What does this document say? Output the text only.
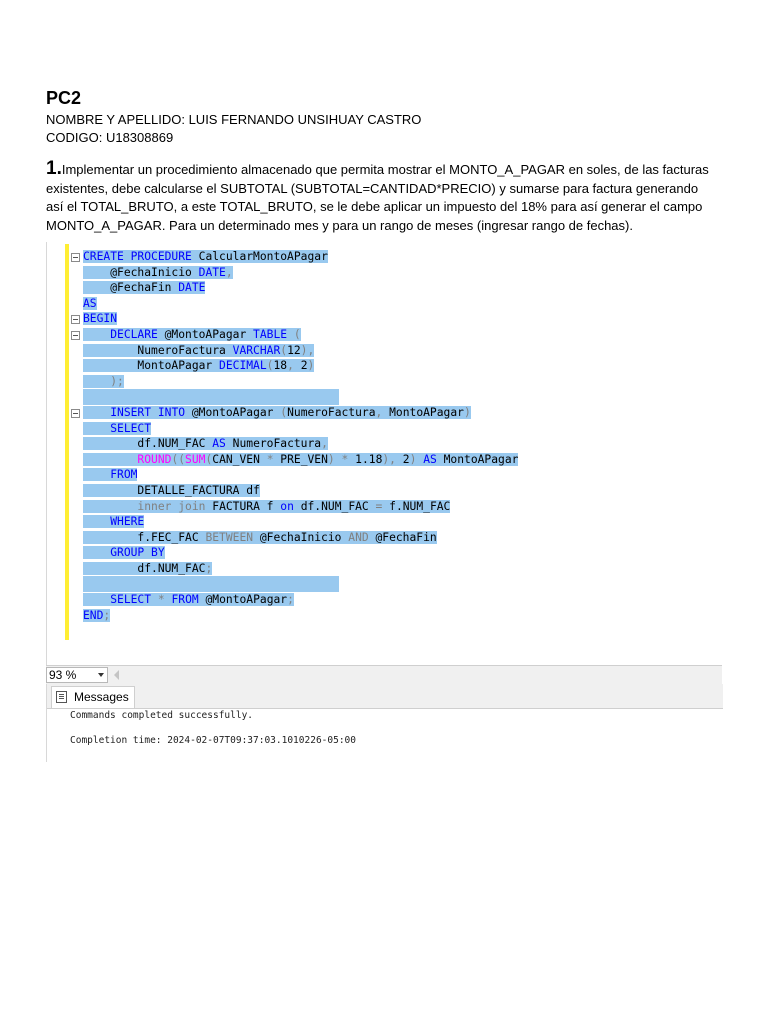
PC2
NOMBRE Y APELLIDO: LUIS FERNANDO UNSIHUAY CASTRO
CODIGO: U18308869
1.Implementar un procedimiento almacenado que permita mostrar el MONTO_A_PAGAR en soles, de las facturas existentes, debe calcularse el SUBTOTAL (SUBTOTAL=CANTIDAD*PRECIO) y sumarse para factura generando así el TOTAL_BRUTO, a este TOTAL_BRUTO, se le debe aplicar un impuesto del 18% para así generar el campo MONTO_A_PAGAR. Para un determinado mes y para un rango de meses (ingresar rango de fechas).
CREATE PROCEDURE CalcularMontoAPagar
@FechaInicio DATE,
@FechaFin DATE
AS
BEGIN
DECLARE @MontoAPagar TABLE (
NumeroFactura VARCHAR(12),
MontoAPagar DECIMAL(18, 2)
);

INSERT INTO @MontoAPagar (NumeroFactura, MontoAPagar)
SELECT
df.NUM_FAC AS NumeroFactura,
ROUND((SUM(CAN_VEN * PRE_VEN) * 1.18), 2) AS MontoAPagar
FROM
DETALLE_FACTURA df
inner join FACTURA f on df.NUM_FAC = f.NUM_FAC
WHERE
f.FEC_FAC BETWEEN @FechaInicio AND @FechaFin
GROUP BY
df.NUM_FAC;

SELECT * FROM @MontoAPagar;
END;
93 %
Messages
Commands completed successfully.
Completion time: 2024-02-07T09:37:03.1010226-05:00
